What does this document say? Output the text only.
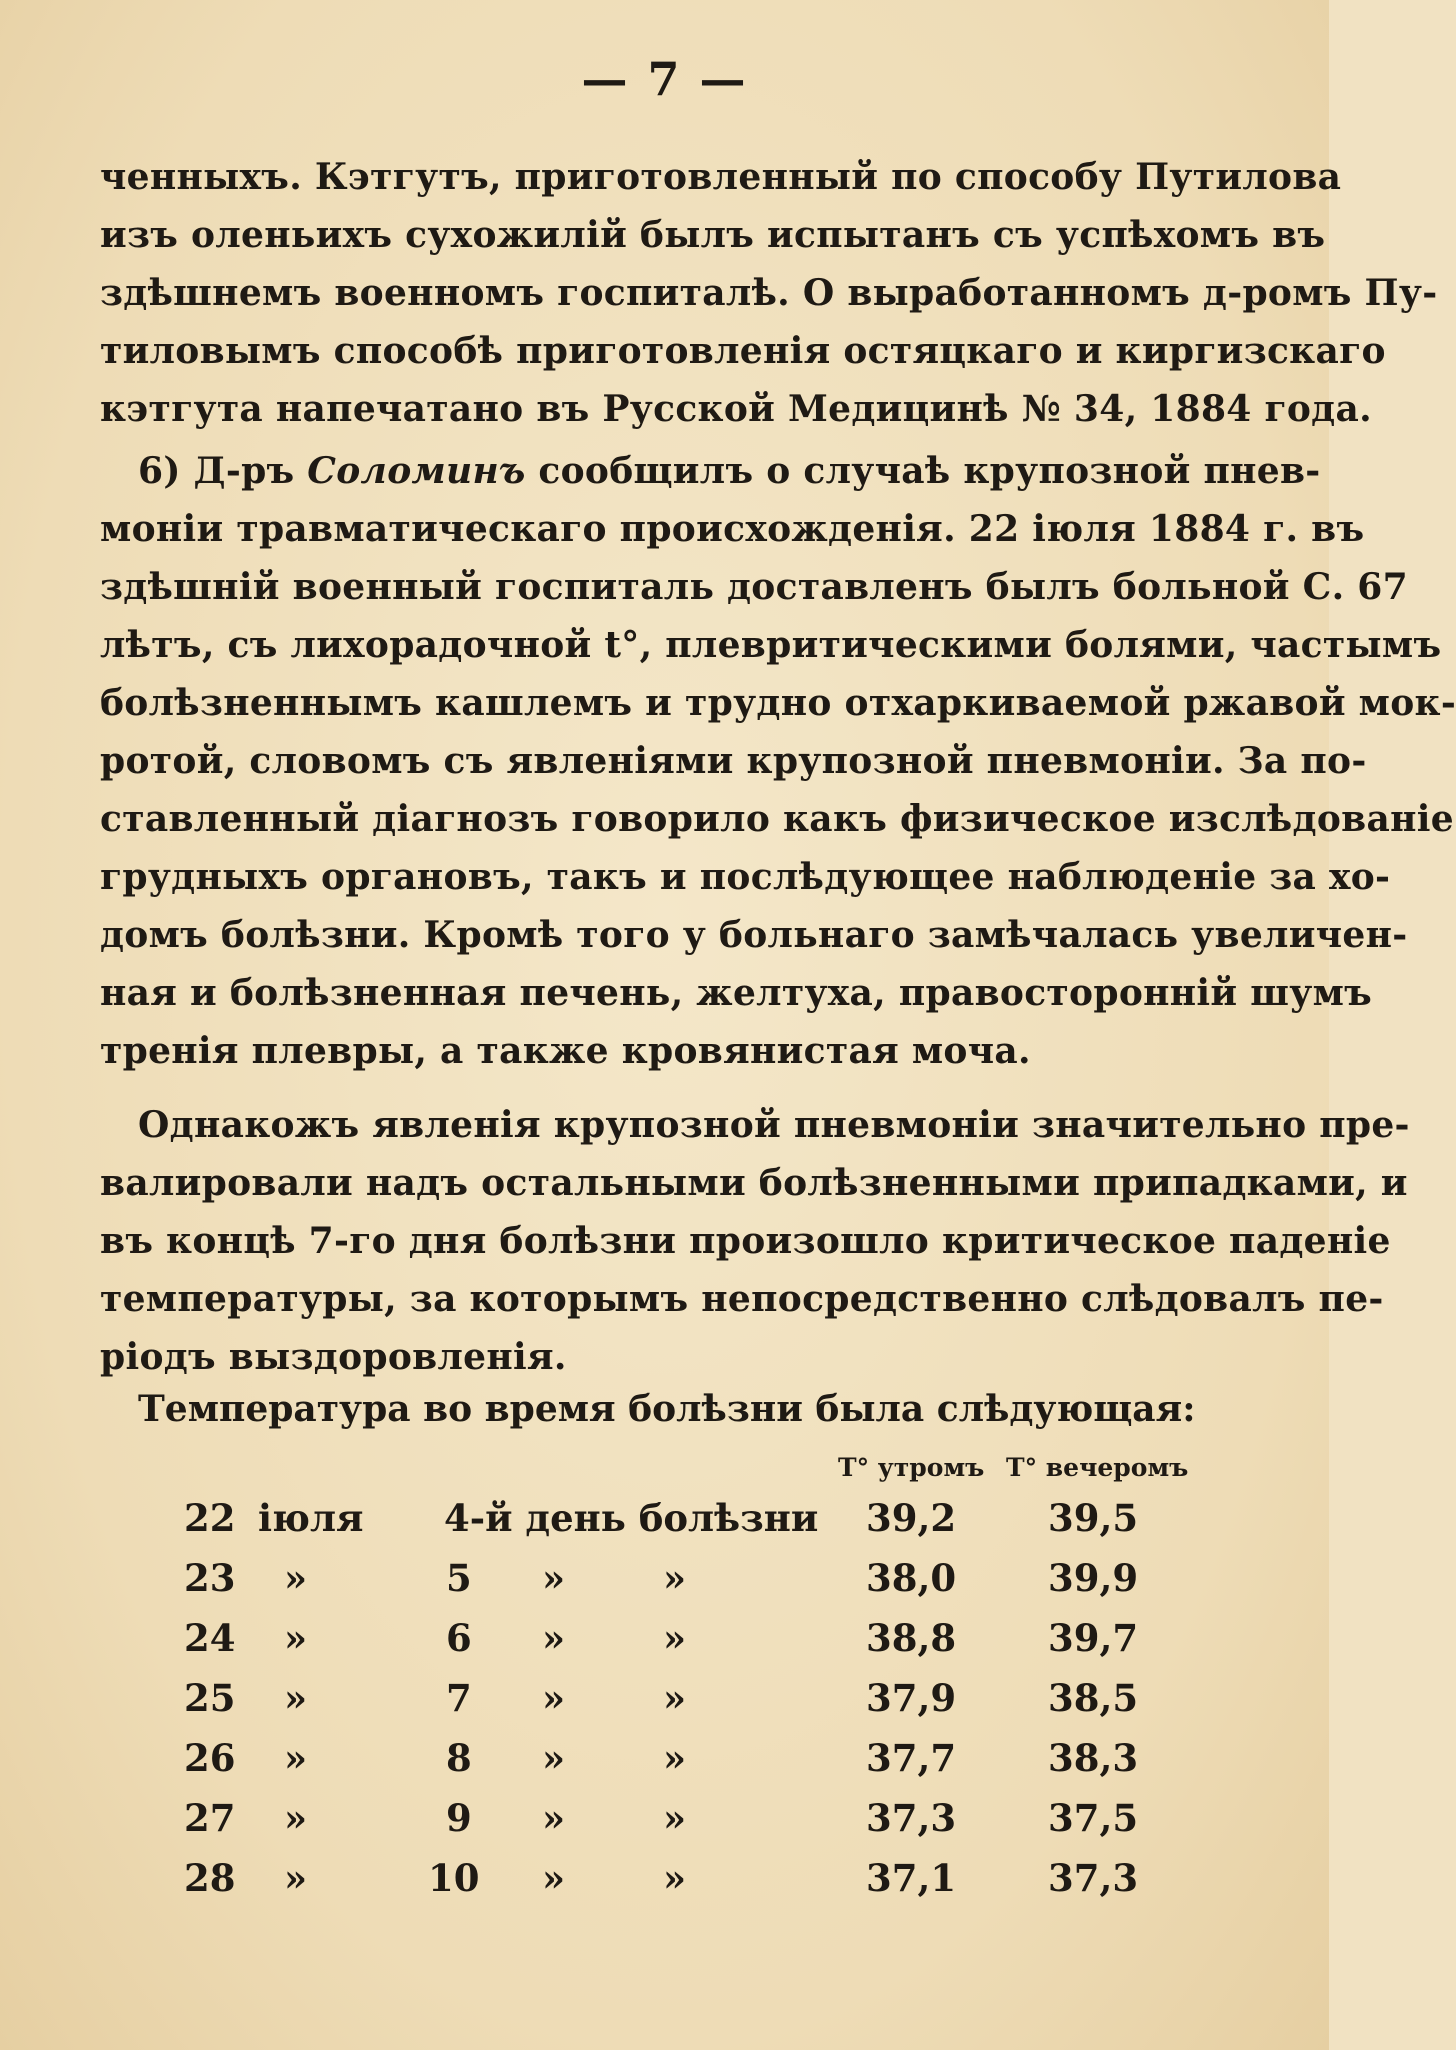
— 7 —
ченныхъ. Кэтгутъ, приготовленный по способу Путилова
изъ оленьихъ сухожилій былъ испытанъ съ успѣхомъ въ
здѣшнемъ военномъ госпиталѣ. О выработанномъ д-ромъ Пу-
тиловымъ способѣ приготовленія остяцкаго и киргизскаго
кэтгута напечатано въ Русской Медицинѣ № 34, 1884 года.
6) Д-ръ Соломинъ сообщилъ о случаѣ крупозной пнев-
моніи травматическаго происхожденія. 22 іюля 1884 г. въ
здѣшній военный госпиталь доставленъ былъ больной С. 67
лѣтъ, съ лихорадочной t°, плевритическими болями, частымъ
болѣзненнымъ кашлемъ и трудно отхаркиваемой ржавой мок-
ротой, словомъ съ явленіями крупозной пневмоніи. За по-
ставленный діагнозъ говорило какъ физическое изслѣдованіе
грудныхъ органовъ, такъ и послѣдующее наблюденіе за хо-
домъ болѣзни. Кромѣ того у больнаго замѣчалась увеличен-
ная и болѣзненная печень, желтуха, правосторонній шумъ
тренія плевры, а также кровянистая моча.
Однакожъ явленія крупозной пневмоніи значительно пре-
валировали надъ остальными болѣзненными припадками, и
въ концѣ 7-го дня болѣзни произошло критическое паденіе
температуры, за которымъ непосредственно слѣдовалъ пе-
ріодъ выздоровленія.
Температура во время болѣзни была слѣдующая:
T° утромъ T° вечеромъ
22 іюля 4-й день болѣзни 39,2 39,5
23 »	5 »	»	38,0 39,9
24 »	6 »	»	38,8 39,7
25 »	7 »	»	37,9 38,5
26 »	8 »	»	37,7 38,3
27 »	9 »	»	37,3 37,5
28 »	10 »	»	37,1 37,3
